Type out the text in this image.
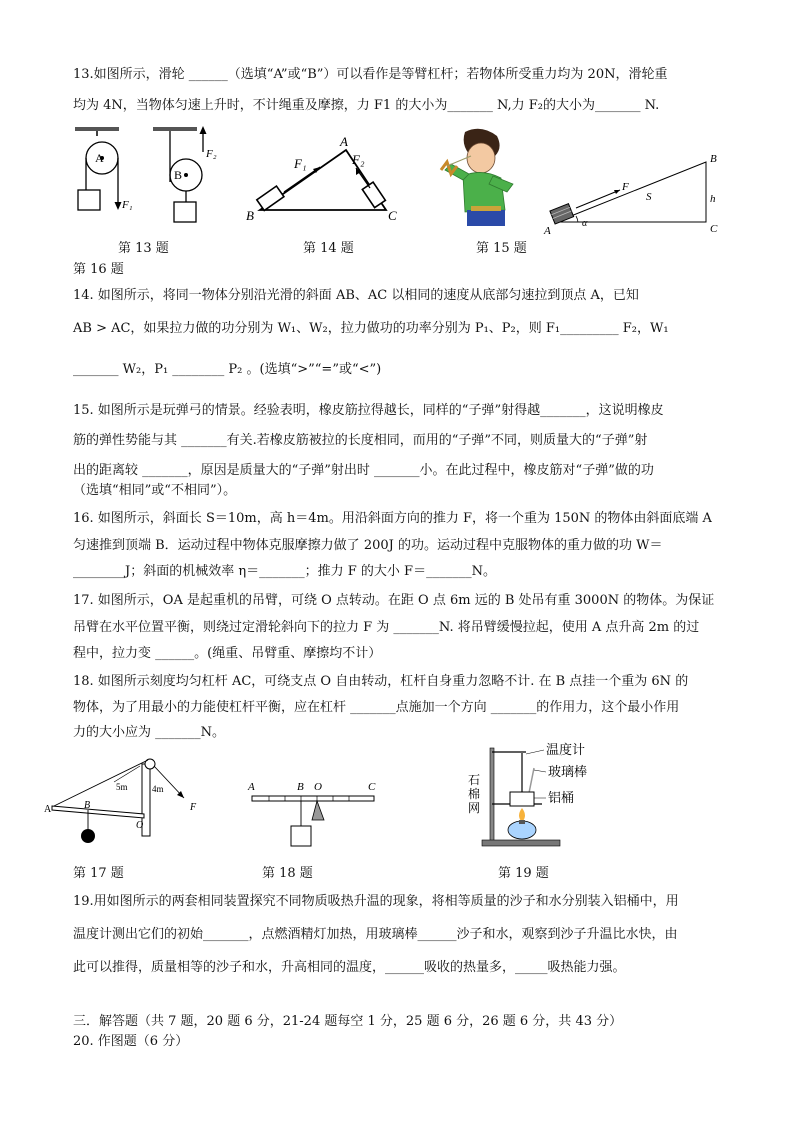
13.如图所示，滑轮 ______（选填“A”或“B”）可以看作是等臂杠杆；若物体所受重力均为 20N，滑轮重
均为 4N，当物体匀速上升时，不计绳重及摩擦，力 F1 的大小为_______ N,力 F₂的大小为_______ N.
A
F₁
B
F₂
B
A
C
F₁	F₂
A
B
C
F
S	h
α
第 13 题	第 14 题	第 15 题
第 16 题
14. 如图所示，将同一物体分别沿光滑的斜面 AB、AC 以相同的速度从底部匀速拉到顶点 A，已知
AB > AC，如果拉力做的功分别为 W₁、W₂，拉力做功的功率分别为 P₁、P₂，则 F₁_________ F₂，W₁
_______ W₂，P₁ ________ P₂ 。(选填“>”“=”或“<”)
15. 如图所示是玩弹弓的情景。经验表明，橡皮筋拉得越长，同样的“子弹”射得越_______，这说明橡皮
筋的弹性势能与其 _______有关.若橡皮筋被拉的长度相同，而用的“子弹”不同，则质量大的“子弹”射
出的距离较 _______，原因是质量大的“子弹”射出时 _______小。在此过程中，橡皮筋对“子弹”做的功
（选填“相同”或“不相同”）。
16. 如图所示，斜面长 S＝10m，高 h＝4m。用沿斜面方向的推力 F，将一个重为 150N 的物体由斜面底端 A
匀速推到顶端 B．运动过程中物体克服摩擦力做了 200J 的功。运动过程中克服物体的重力做的功 W＝
________J；斜面的机械效率 η＝_______；推力 F 的大小 F＝_______N。
17. 如图所示，OA 是起重机的吊臂，可绕 O 点转动。在距 O 点 6m 远的 B 处吊有重 3000N 的物体。为保证
吊臂在水平位置平衡，则绕过定滑轮斜向下的拉力 F 为 _______N. 将吊臂缓慢拉起，使用 A 点升高 2m 的过
程中，拉力变 ______。(绳重、吊臂重、摩擦均不计）
18. 如图所示刻度均匀杠杆 AC，可绕支点 O 自由转动，杠杆自身重力忽略不计. 在 B 点挂一个重为 6N 的
物体，为了用最小的力能使杠杆平衡，应在杠杆 _______点施加一个方向 _______的作用力，这个最小作用
力的大小应为 _______N。
A	B
O
F
5m	4m	A	B O	C
温度计
玻璃棒
铝桶
石
棉
网
第 17 题	第 18 题	第 19 题
19.用如图所示的两套相同装置探究不同物质吸热升温的现象，将相等质量的沙子和水分别装入铝桶中，用
温度计测出它们的初始_______，点燃酒精灯加热，用玻璃棒______沙子和水，观察到沙子升温比水快，由
此可以推得，质量相等的沙子和水，升高相同的温度，______吸收的热量多，_____吸热能力强。
三．解答题（共 7 题，20 题 6 分，21-24 题每空 1 分，25 题 6 分，26 题 6 分，共 43 分）
20. 作图题（6 分）
